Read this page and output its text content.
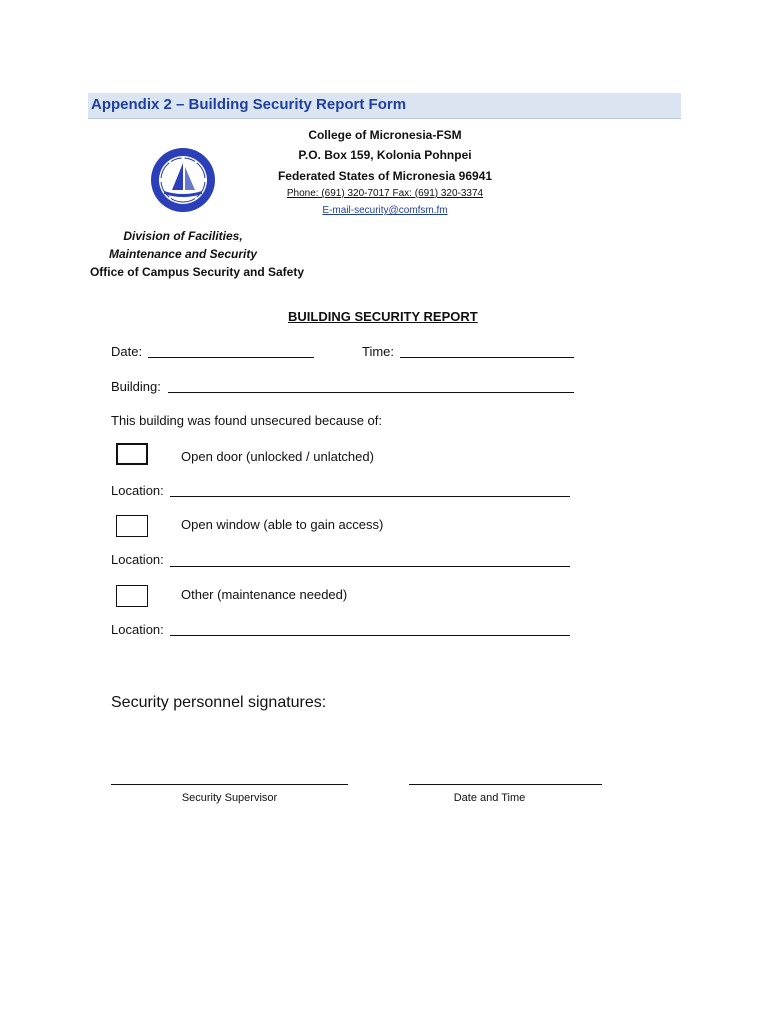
Appendix 2 – Building Security Report Form
College of Micronesia-FSM
P.O. Box 159, Kolonia Pohnpei
Federated States of Micronesia 96941
Phone: (691) 320-7017 Fax: (691) 320-3374
E-mail-security@comfsm.fm
Division of Facilities,
Maintenance and Security
Office of Campus Security and Safety
BUILDING SECURITY REPORT
Date:	Time:
Building:
This building was found unsecured because of:
Open door (unlocked / unlatched)
Location:
Open window (able to gain access)
Location:
Other (maintenance needed)
Location:
Security personnel signatures:
Security Supervisor	Date and Time
